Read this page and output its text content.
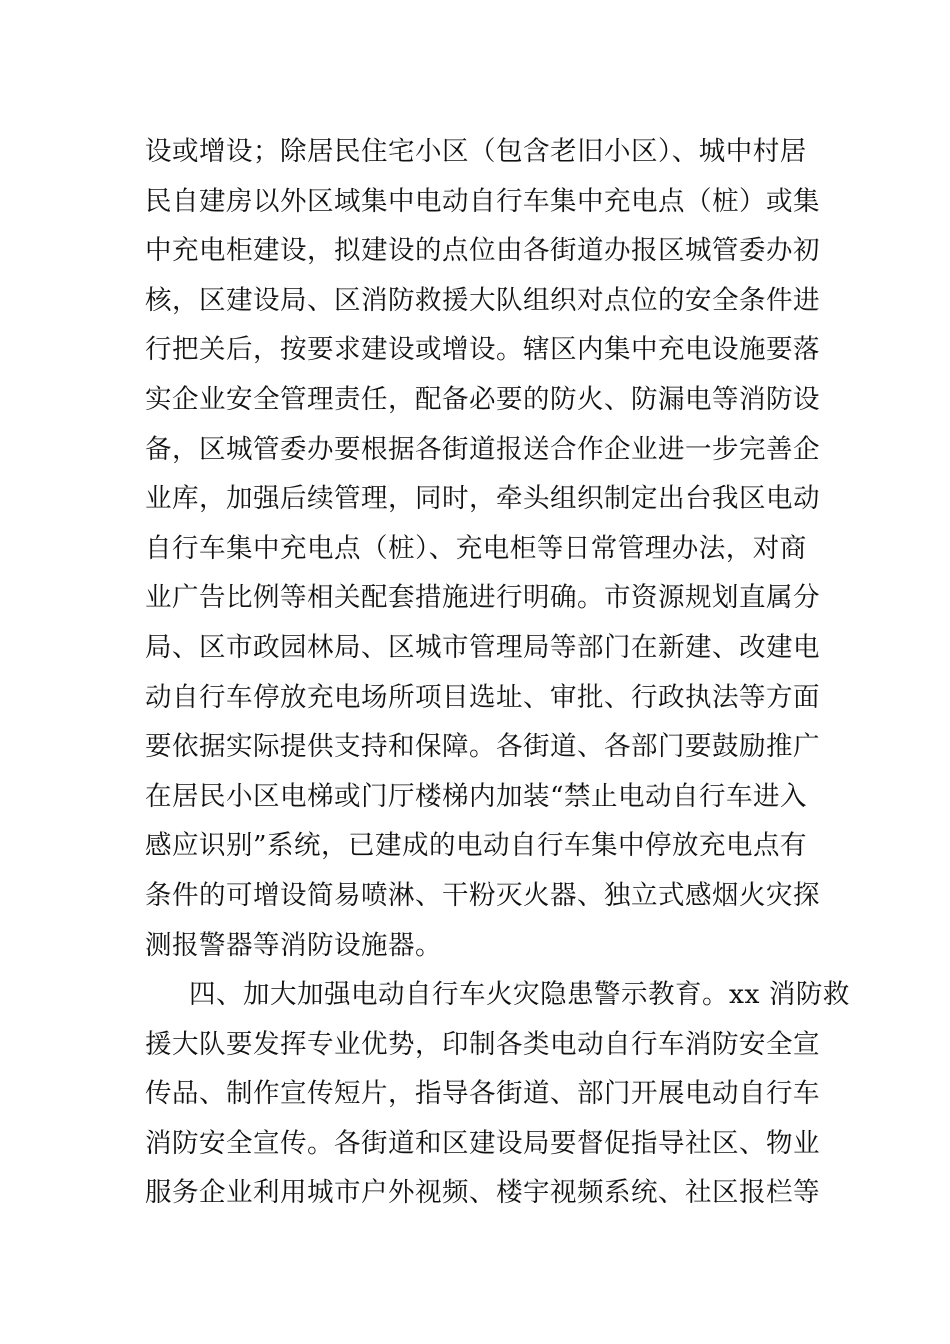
设或增设；除居民住宅小区（包含老旧小区）、城中村居
民自建房以外区域集中电动自行车集中充电点（桩）或集
中充电柜建设，拟建设的点位由各街道办报区城管委办初
核，区建设局、区消防救援大队组织对点位的安全条件进
行把关后，按要求建设或增设。辖区内集中充电设施要落
实企业安全管理责任，配备必要的防火、防漏电等消防设
备，区城管委办要根据各街道报送合作企业进一步完善企
业库，加强后续管理，同时，牵头组织制定出台我区电动
自行车集中充电点（桩）、充电柜等日常管理办法，对商
业广告比例等相关配套措施进行明确。市资源规划直属分
局、区市政园林局、区城市管理局等部门在新建、改建电
动自行车停放充电场所项目选址、审批、行政执法等方面
要依据实际提供支持和保障。各街道、各部门要鼓励推广
在居民小区电梯或门厅楼梯内加装“禁止电动自行车进入
感应识别”系统，已建成的电动自行车集中停放充电点有
条件的可增设简易喷淋、干粉灭火器、独立式感烟火灾探
测报警器等消防设施器。
四、加大加强电动自行车火灾隐患警示教育。xx 消防救
援大队要发挥专业优势，印制各类电动自行车消防安全宣
传品、制作宣传短片，指导各街道、部门开展电动自行车
消防安全宣传。各街道和区建设局要督促指导社区、物业
服务企业利用城市户外视频、楼宇视频系统、社区报栏等
